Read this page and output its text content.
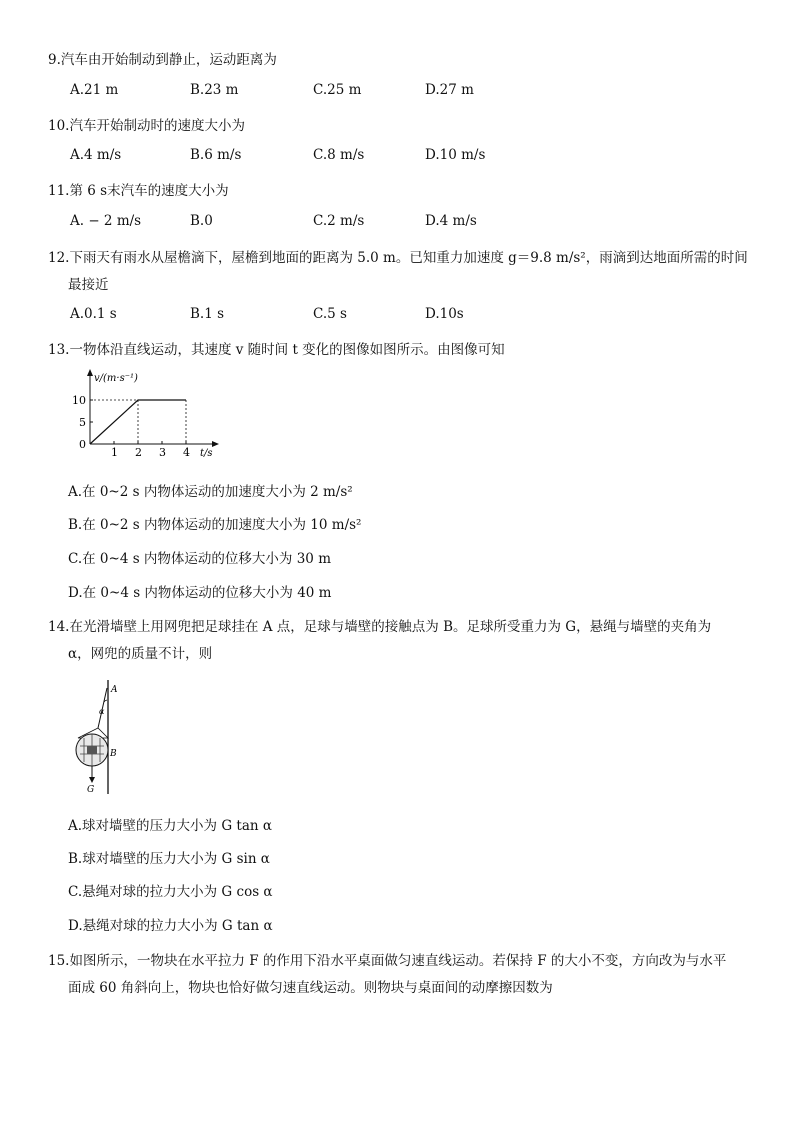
9.汽车由开始制动到静止，运动距离为
A.21 m	B.23 m	C.25 m	D.27 m
10.汽车开始制动时的速度大小为
A.4 m/s	B.6 m/s	C.8 m/s	D.10 m/s
11.第 6 s末汽车的速度大小为
A. − 2 m/s	B.0	C.2 m/s	D.4 m/s
12.下雨天有雨水从屋檐滴下，屋檐到地面的距离为 5.0 m。已知重力加速度 g＝9.8 m/s²，雨滴到达地面所需的时间
最接近
A.0.1 s	B.1 s	C.5 s	D.10s
13.一物体沿直线运动，其速度 v 随时间 t 变化的图像如图所示。由图像可知
v/(m·s⁻¹)
t/s
0
1 2 3 4
5
10
A.在 0~2 s 内物体运动的加速度大小为 2 m/s²
B.在 0~2 s 内物体运动的加速度大小为 10 m/s²
C.在 0~4 s 内物体运动的位移大小为 30 m
D.在 0~4 s 内物体运动的位移大小为 40 m
14.在光滑墙壁上用网兜把足球挂在 A 点，足球与墙壁的接触点为 B。足球所受重力为 G，悬绳与墙壁的夹角为
α，网兜的质量不计，则
A
α
B
G
A.球对墙壁的压力大小为 G tan α
B.球对墙壁的压力大小为 G sin α
C.悬绳对球的拉力大小为 G cos α
D.悬绳对球的拉力大小为 G tan α
15.如图所示，一物块在水平拉力 F 的作用下沿水平桌面做匀速直线运动。若保持 F 的大小不变，方向改为与水平
面成 60 角斜向上，物块也恰好做匀速直线运动。则物块与桌面间的动摩擦因数为
